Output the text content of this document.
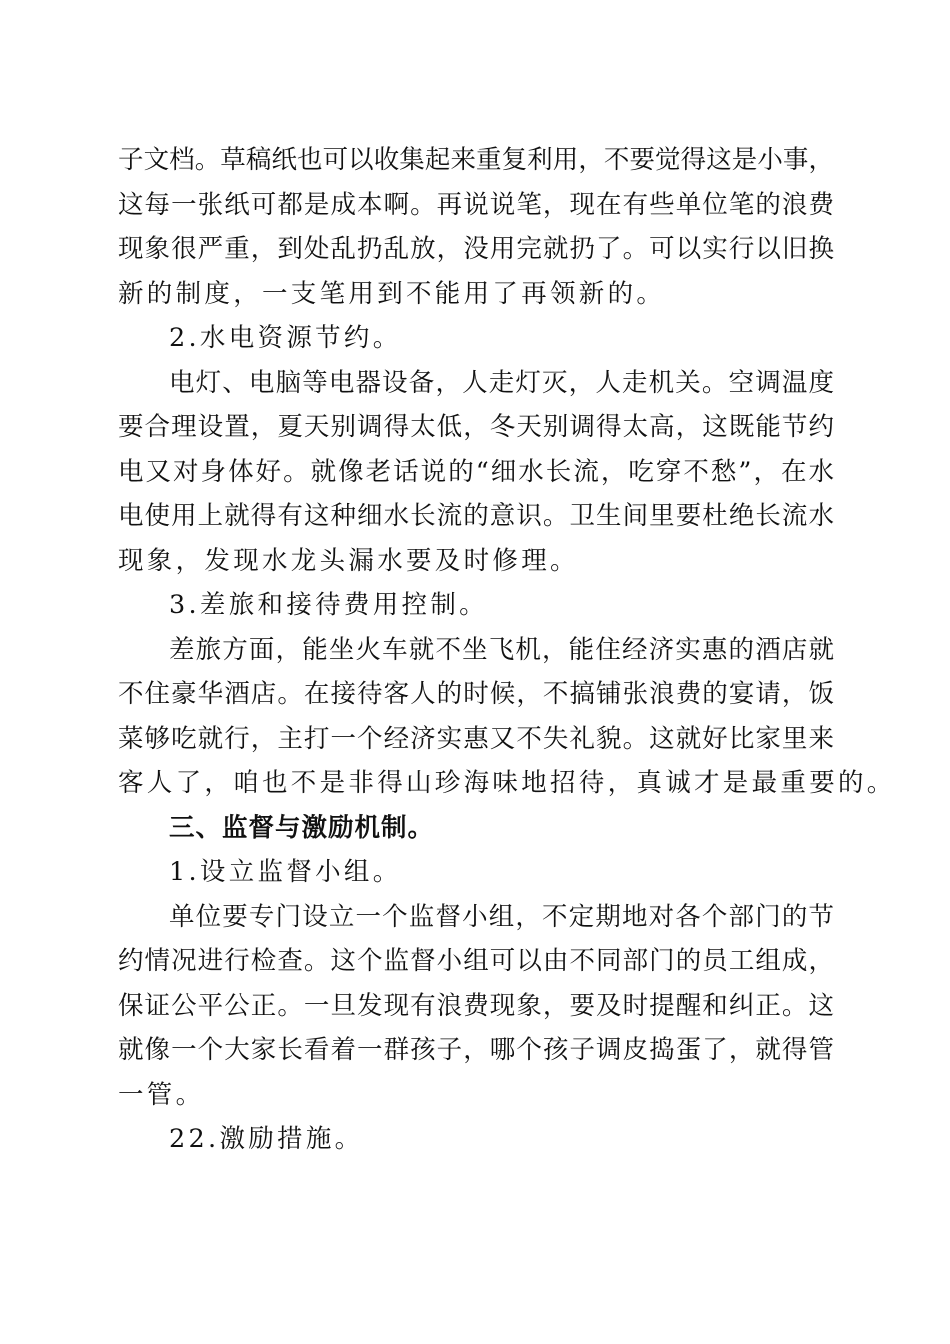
子文档。草稿纸也可以收集起来重复利用，不要觉得这是小事，
这每一张纸可都是成本啊。再说说笔，现在有些单位笔的浪费
现象很严重，到处乱扔乱放，没用完就扔了。可以实行以旧换
新的制度，一支笔用到不能用了再领新的。
2.水电资源节约。
电灯、电脑等电器设备，人走灯灭，人走机关。空调温度
要合理设置，夏天别调得太低，冬天别调得太高，这既能节约
电又对身体好。就像老话说的“细水长流，吃穿不愁”，在水
电使用上就得有这种细水长流的意识。卫生间里要杜绝长流水
现象，发现水龙头漏水要及时修理。
3.差旅和接待费用控制。
差旅方面，能坐火车就不坐飞机，能住经济实惠的酒店就
不住豪华酒店。在接待客人的时候，不搞铺张浪费的宴请，饭
菜够吃就行，主打一个经济实惠又不失礼貌。这就好比家里来
客人了，咱也不是非得山珍海味地招待，真诚才是最重要的。
三、监督与激励机制。
1.设立监督小组。
单位要专门设立一个监督小组，不定期地对各个部门的节
约情况进行检查。这个监督小组可以由不同部门的员工组成，
保证公平公正。一旦发现有浪费现象，要及时提醒和纠正。这
就像一个大家长看着一群孩子，哪个孩子调皮捣蛋了，就得管
一管。
22.激励措施。
